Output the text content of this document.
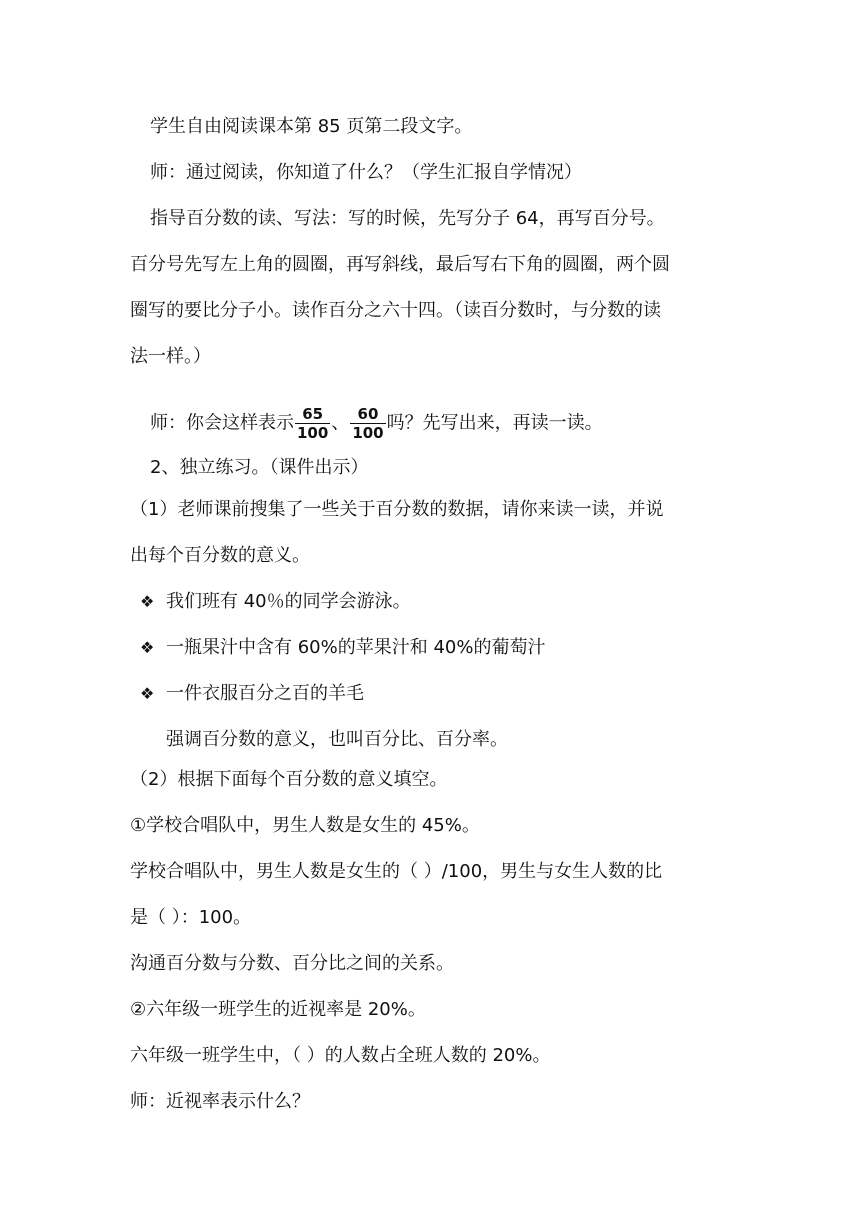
学生自由阅读课本第 85 页第二段文字。
师：通过阅读，你知道了什么？（学生汇报自学情况）
指导百分数的读、写法：写的时候，先写分子 64，再写百分号。
百分号先写左上角的圆圈，再写斜线，最后写右下角的圆圈，两个圆
圈写的要比分子小。读作百分之六十四。（读百分数时，与分数的读
法一样。）
师：你会这样表示 $\frac{65}{100}$ 、 $\frac{60}{100}$ 吗？先写出来，再读一读。
2、独立练习。（课件出示）
（1）老师课前搜集了一些关于百分数的数据，请你来读一读，并说
出每个百分数的意义。
❖ 我们班有 40％的同学会游泳。
❖ 一瓶果汁中含有 60%的苹果汁和 40%的葡萄汁
❖ 一件衣服百分之百的羊毛
强调百分数的意义，也叫百分比、百分率。
（2）根据下面每个百分数的意义填空。
①学校合唱队中，男生人数是女生的 45%。
学校合唱队中，男生人数是女生的（ ）/100，男生与女生人数的比
是（ ）：100。
沟通百分数与分数、百分比之间的关系。
②六年级一班学生的近视率是 20%。
六年级一班学生中，（ ）的人数占全班人数的 20%。
师：近视率表示什么？
